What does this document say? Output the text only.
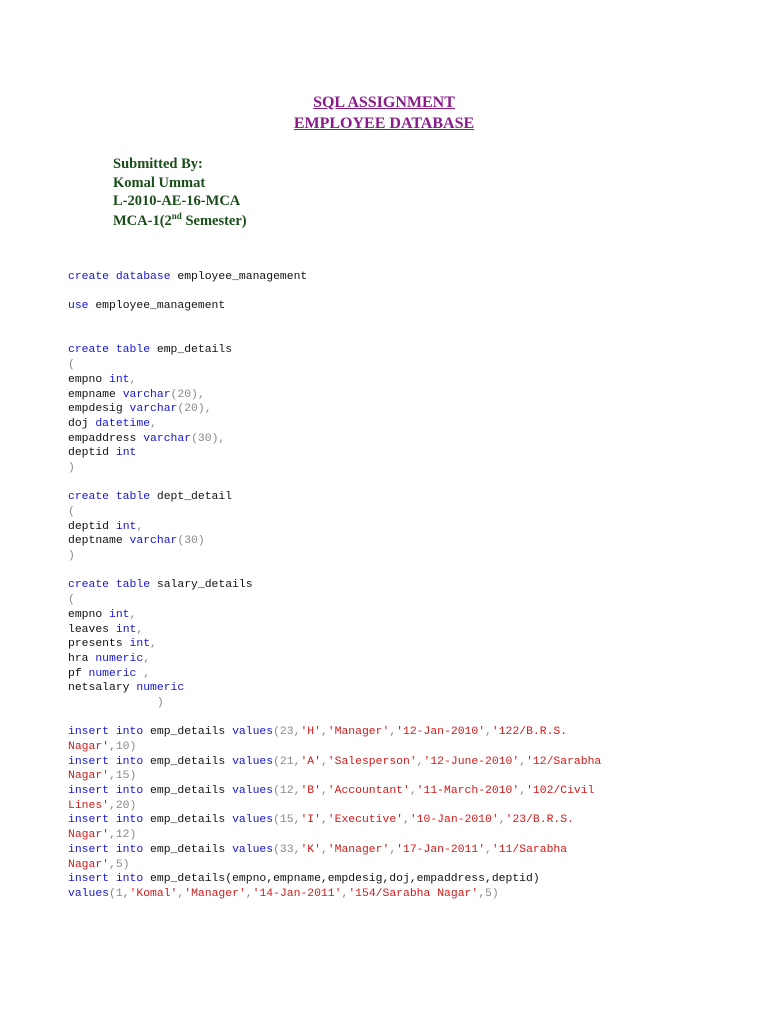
SQL ASSIGNMENT
EMPLOYEE DATABASE
Submitted By:
Komal Ummat
L-2010-AE-16-MCA
MCA-1(2nd Semester)
create database employee_management
use employee_management
create table emp_details
(
empno int,
empname varchar(20),
empdesig varchar(20),
doj datetime,
empaddress varchar(30),
deptid int
)
create table dept_detail
(
deptid int,
deptname varchar(30)
)
create table salary_details
(
empno int,
leaves int,
presents int,
hra numeric,
pf numeric ,
netsalary numeric
)
insert into emp_details values(23,'H','Manager','12-Jan-2010','122/B.R.S.
Nagar',10)
insert into emp_details values(21,'A','Salesperson','12-June-2010','12/Sarabha
Nagar',15)
insert into emp_details values(12,'B','Accountant','11-March-2010','102/Civil
Lines',20)
insert into emp_details values(15,'I','Executive','10-Jan-2010','23/B.R.S.
Nagar',12)
insert into emp_details values(33,'K','Manager','17-Jan-2011','11/Sarabha
Nagar',5)
insert into emp_details(empno,empname,empdesig,doj,empaddress,deptid)
values(1,'Komal','Manager','14-Jan-2011','154/Sarabha Nagar',5)
